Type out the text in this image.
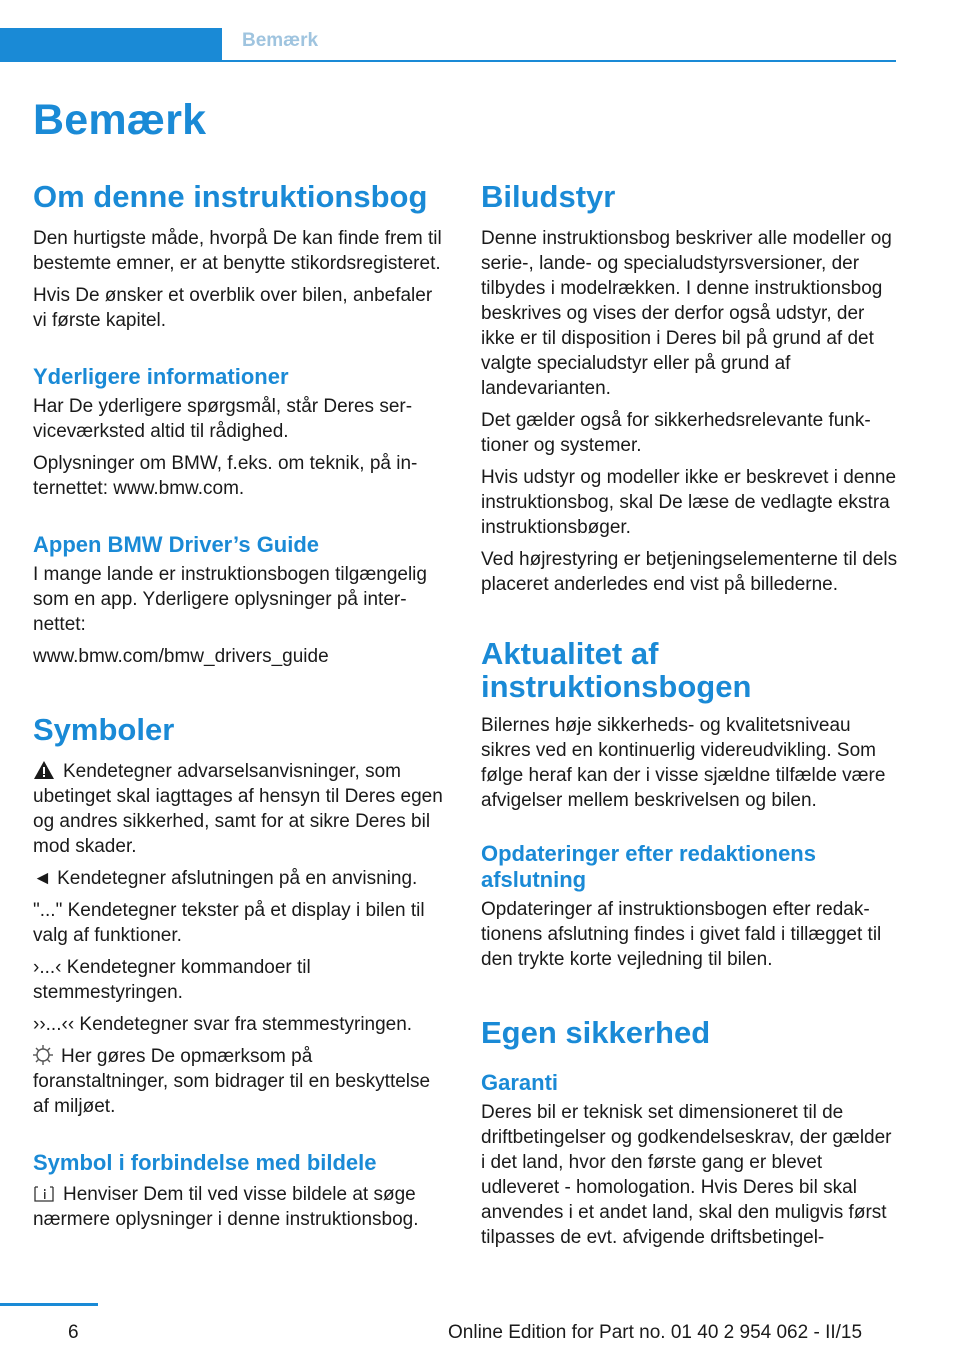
Bemærk
Bemærk
Om denne instruktionsbog

Den hurtigste måde, hvorpå De kan finde frem til bestemte emner, er at benytte stikordsregisteret.

Hvis De ønsker et overblik over bilen, anbefaler vi første kapitel.

Yderligere informationer

Har De yderligere spørgsmål, står Deres serviceværksted altid til rådighed.

Oplysninger om BMW, f.eks. om teknik, på internettet: www.bmw.com.

Appen BMW Driver’s Guide

I mange lande er instruktionsbogen tilgængelig som en app. Yderligere oplysninger på internettet:

www.bmw.com/bmw_drivers_guide

Symboler

Kendetegner advarselsanvisninger, som ubetinget skal iagttages af hensyn til Deres egen og andres sikkerhed, samt for at sikre Deres bil mod skader.

◄ Kendetegner afslutningen på en anvisning.

"..." Kendetegner tekster på et display i bilen til valg af funktioner.

›...‹ Kendetegner kommandoer til stemmestyringen.

››...‹‹ Kendetegner svar fra stemmestyringen.

Her gøres De opmærksom på foranstaltninger, som bidrager til en beskyttelse af miljøet.

Symbol i forbindelse med bildele

Henviser Dem til ved visse bildele at søge nærmere oplysninger i denne instruktionsbog.

Biludstyr

Denne instruktionsbog beskriver alle modeller og serie-, lande- og specialudstyrsversioner, der tilbydes i modelrækken. I denne instruktionsbog beskrives og vises der derfor også udstyr, der ikke er til disposition i Deres bil på grund af det valgte specialudstyr eller på grund af landevarianten.

Det gælder også for sikkerhedsrelevante funktioner og systemer.

Hvis udstyr og modeller ikke er beskrevet i denne instruktionsbog, skal De læse de vedlagte ekstra instruktionsbøger.

Ved højrestyring er betjeningselementerne til dels placeret anderledes end vist på billederne.

Aktualitet af instruktionsbogen

Bilernes høje sikkerheds- og kvalitetsniveau sikres ved en kontinuerlig videreudvikling. Som følge heraf kan der i visse sjældne tilfælde være afvigelser mellem beskrivelsen og bilen.

Opdateringer efter redaktionens afslutning

Opdateringer af instruktionsbogen efter redaktionens afslutning findes i givet fald i tillægget til den trykte korte vejledning til bilen.

Egen sikkerhed
Garanti

Deres bil er teknisk set dimensioneret til de driftbetingelser og godkendelseskrav, der gælder i det land, hvor den første gang er blevet udleveret - homologation. Hvis Deres bil skal anvendes i et andet land, skal den muligvis først tilpasses de evt. afvigende driftsbetingel-

6	Online Edition for Part no. 01 40 2 954 062 - II/15
